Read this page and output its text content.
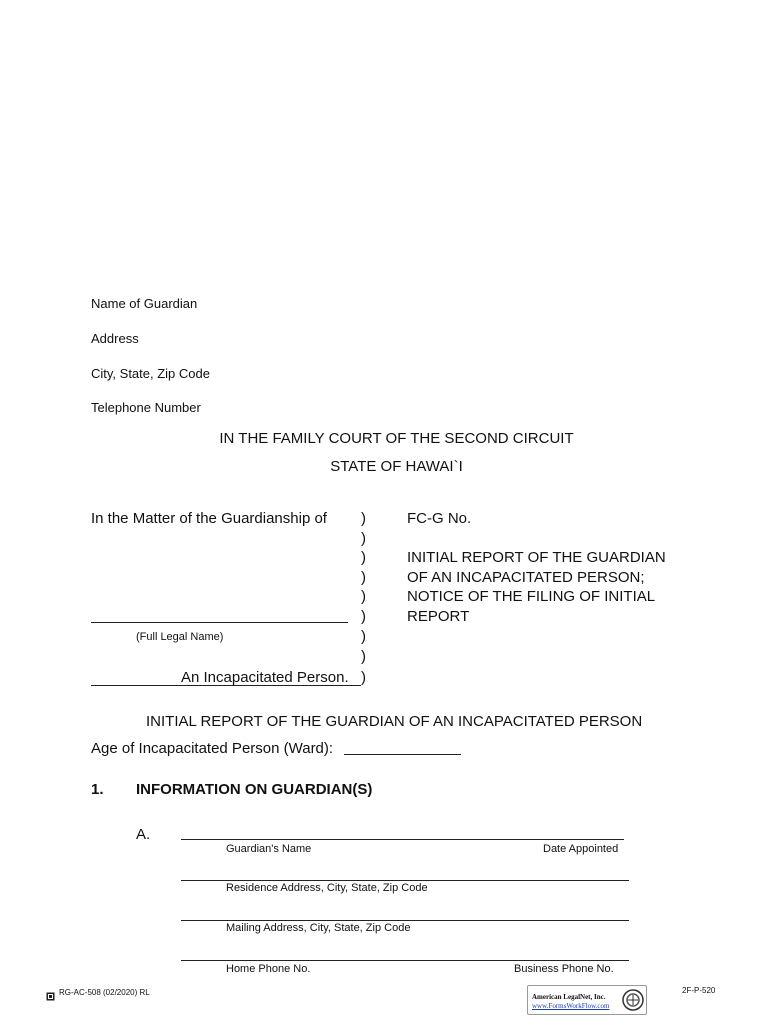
Name of Guardian
Address
City, State, Zip Code
Telephone Number
IN THE FAMILY COURT OF THE SECOND CIRCUIT
STATE OF HAWAI`I
In the Matter of the Guardianship of
(Full Legal Name)
An Incapacitated Person.
)
)
)
)
)
)
)
)
)
FC-G No.
INITIAL REPORT OF THE GUARDIAN
OF AN INCAPACITATED PERSON;
NOTICE OF THE FILING OF INITIAL
REPORT
INITIAL REPORT OF THE GUARDIAN OF AN INCAPACITATED PERSON
Age of Incapacitated Person (Ward):
1. INFORMATION ON GUARDIAN(S)
A.
Guardian's Name	Date Appointed
Residence Address, City, State, Zip Code
Mailing Address, City, State, Zip Code
Home Phone No.	Business Phone No.
RG-AC-508 (02/2020) RL	2F-P-520
American LegalNet, Inc.
www.FormsWorkFlow.com
